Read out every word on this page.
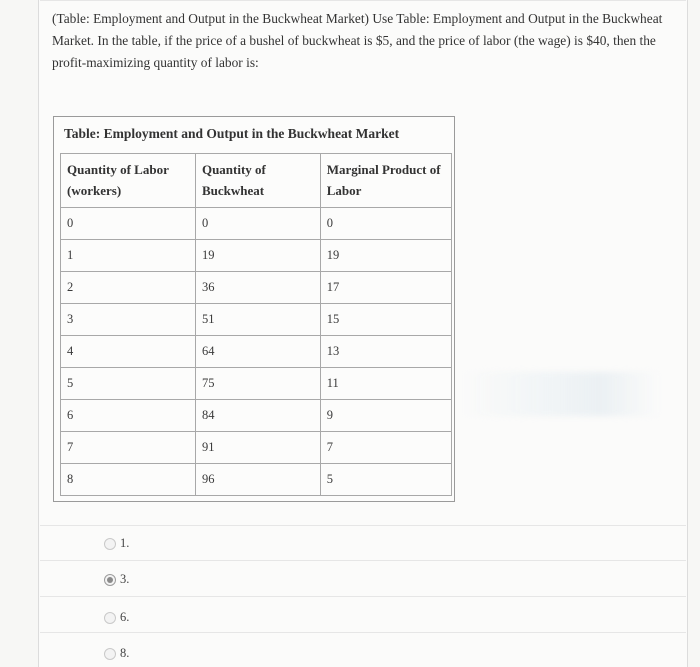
(Table: Employment and Output in the Buckwheat Market) Use Table: Employment and Output in the Buckwheat Market. In the table, if the price of a bushel of buckwheat is $5, and the price of labor (the wage) is $40, then the profit-maximizing quantity of labor is:
Table: Employment and Output in the Buckwheat Market
Quantity of Labor (workers)	Quantity of Buckwheat	Marginal Product of Labor
0	0	0
1	19	19
2	36	17
3	51	15
4	64	13
5	75	11
6	84	9
7	91	7
8	96	5
1.
3.
6.
8.
